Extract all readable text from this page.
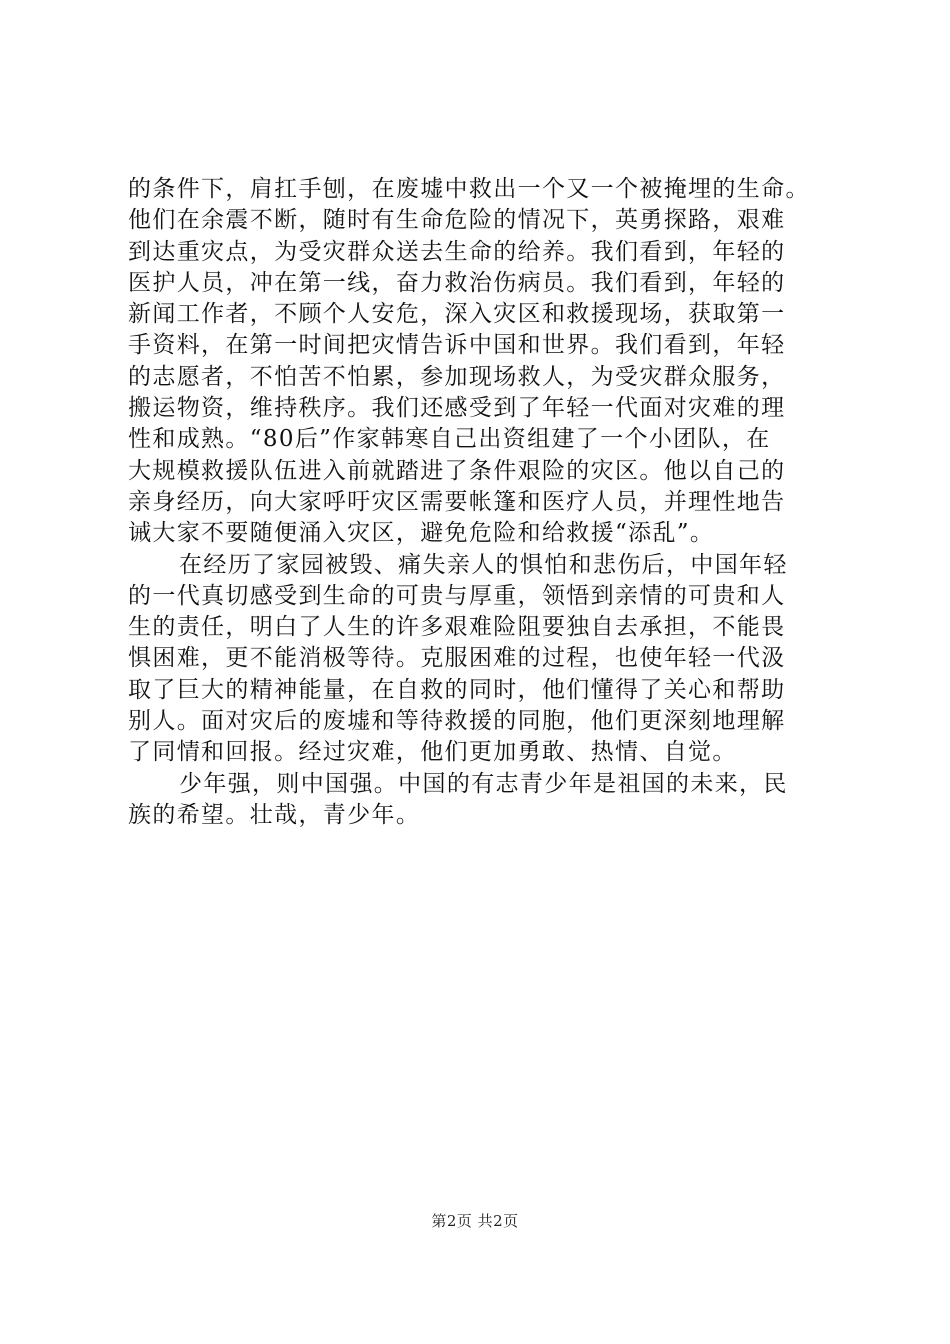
的条件下，肩扛手刨，在废墟中救出一个又一个被掩埋的生命。
他们在余震不断，随时有生命危险的情况下，英勇探路，艰难
到达重灾点，为受灾群众送去生命的给养。我们看到，年轻的
医护人员，冲在第一线，奋力救治伤病员。我们看到，年轻的
新闻工作者，不顾个人安危，深入灾区和救援现场，获取第一
手资料，在第一时间把灾情告诉中国和世界。我们看到，年轻
的志愿者，不怕苦不怕累，参加现场救人，为受灾群众服务，
搬运物资，维持秩序。我们还感受到了年轻一代面对灾难的理
性和成熟。“80后”作家韩寒自己出资组建了一个小团队，在
大规模救援队伍进入前就踏进了条件艰险的灾区。他以自己的
亲身经历，向大家呼吁灾区需要帐篷和医疗人员，并理性地告
诫大家不要随便涌入灾区，避免危险和给救援“添乱”。
在经历了家园被毁、痛失亲人的惧怕和悲伤后，中国年轻
的一代真切感受到生命的可贵与厚重，领悟到亲情的可贵和人
生的责任，明白了人生的许多艰难险阻要独自去承担，不能畏
惧困难，更不能消极等待。克服困难的过程，也使年轻一代汲
取了巨大的精神能量，在自救的同时，他们懂得了关心和帮助
别人。面对灾后的废墟和等待救援的同胞，他们更深刻地理解
了同情和回报。经过灾难，他们更加勇敢、热情、自觉。
少年强，则中国强。中国的有志青少年是祖国的未来，民
族的希望。壮哉，青少年。
第2页 共2页
